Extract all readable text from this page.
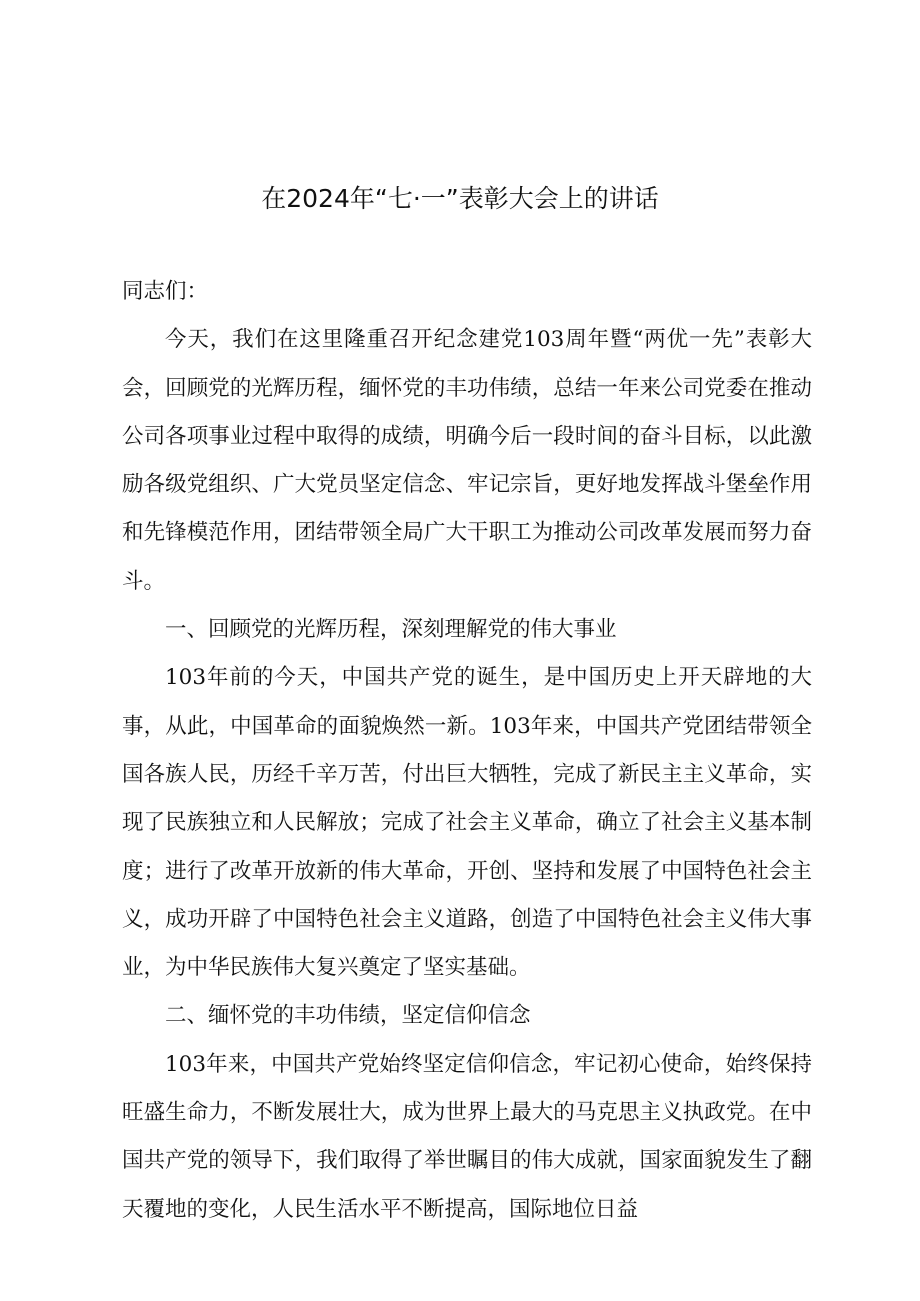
在2024年“七·一”表彰大会上的讲话

同志们：

今天，我们在这里隆重召开纪念建党103周年暨“两优一先”表彰大会，回顾党的光辉历程，缅怀党的丰功伟绩，总结一年来公司党委在推动公司各项事业过程中取得的成绩，明确今后一段时间的奋斗目标，以此激励各级党组织、广大党员坚定信念、牢记宗旨，更好地发挥战斗堡垒作用和先锋模范作用，团结带领全局广大干职工为推动公司改革发展而努力奋斗。

一、回顾党的光辉历程，深刻理解党的伟大事业

103年前的今天，中国共产党的诞生，是中国历史上开天辟地的大事，从此，中国革命的面貌焕然一新。103年来，中国共产党团结带领全国各族人民，历经千辛万苦，付出巨大牺牲，完成了新民主主义革命，实现了民族独立和人民解放；完成了社会主义革命，确立了社会主义基本制度；进行了改革开放新的伟大革命，开创、坚持和发展了中国特色社会主义，成功开辟了中国特色社会主义道路，创造了中国特色社会主义伟大事业，为中华民族伟大复兴奠定了坚实基础。

二、缅怀党的丰功伟绩，坚定信仰信念

103年来，中国共产党始终坚定信仰信念，牢记初心使命，始终保持旺盛生命力，不断发展壮大，成为世界上最大的马克思主义执政党。在中国共产党的领导下，我们取得了举世瞩目的伟大成就，国家面貌发生了翻天覆地的变化，人民生活水平不断提高，国际地位日益
